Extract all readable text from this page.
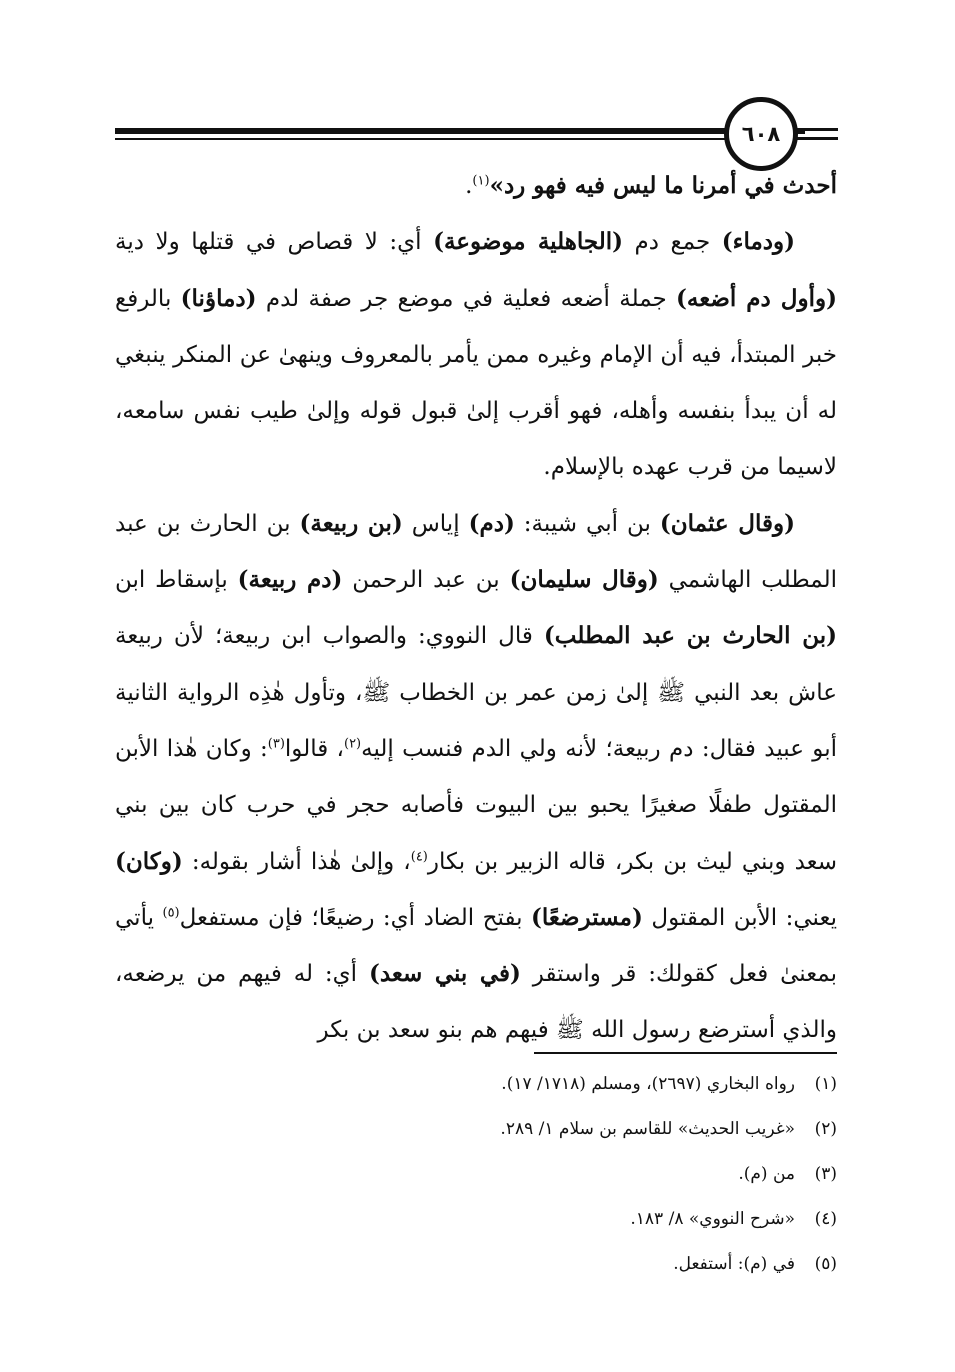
٦٠٨

أحدث في أمرنا ما ليس فيه فهو رد»$^{(١)}$.

(ودماء) جمع دم (الجاهلية موضوعة) أي: لا قصاص في قتلها ولا دية (وأول دم أضعه) جملة أضعه فعلية في موضع جر صفة لدم (دماؤنا) بالرفع خبر المبتدأ، فيه أن الإمام وغيره ممن يأمر بالمعروف وينهىٰ عن المنكر ينبغي له أن يبدأ بنفسه وأهله، فهو أقرب إلىٰ قبول قوله وإلىٰ طيب نفس سامعه، لاسيما من قرب عهده بالإسلام.

(وقال عثمان) بن أبي شيبة: (دم) إياس (بن ربيعة) بن الحارث بن عبد المطلب الهاشمي (وقال سليمان) بن عبد الرحمن (دم ربيعة) بإسقاط ابن (بن الحارث بن عبد المطلب) قال النووي: والصواب ابن ربيعة؛ لأن ربيعة عاش بعد النبي ﷺ إلىٰ زمن عمر بن الخطاب ﷺ، وتأول هٰذِه الرواية الثانية أبو عبيد فقال: دم ربيعة؛ لأنه ولي الدم فنسب إليه$^{(٢)}$، قالوا$^{(٣)}$: وكان هٰذا الأبن المقتول طفلًا صغيرًا يحبو بين البيوت فأصابه حجر في حرب كان بين بني سعد وبني ليث بن بكر، قاله الزبير بن بكار$^{(٤)}$، وإلىٰ هٰذا أشار بقوله: (وكان) يعني: الأبن المقتول (مسترضعًا) بفتح الضاد أي: رضيعًا؛ فإن مستفعل$^{(٥)}$ يأتي بمعنىٰ فعل كقولك: قر واستقر (في بني سعد) أي: له فيهم من يرضعه، والذي أسترضع رسول الله ﷺ فيهم هم بنو سعد بن بكر

(١)رواه البخاري (٢٦٩٧)، ومسلم (١٧١٨/ ١٧).
(٢)«غريب الحديث» للقاسم بن سلام ١/ ٢٨٩.
(٣)من (م).
(٤)«شرح النووي» ٨/ ١٨٣.
(٥)في (م): أستفعل.
